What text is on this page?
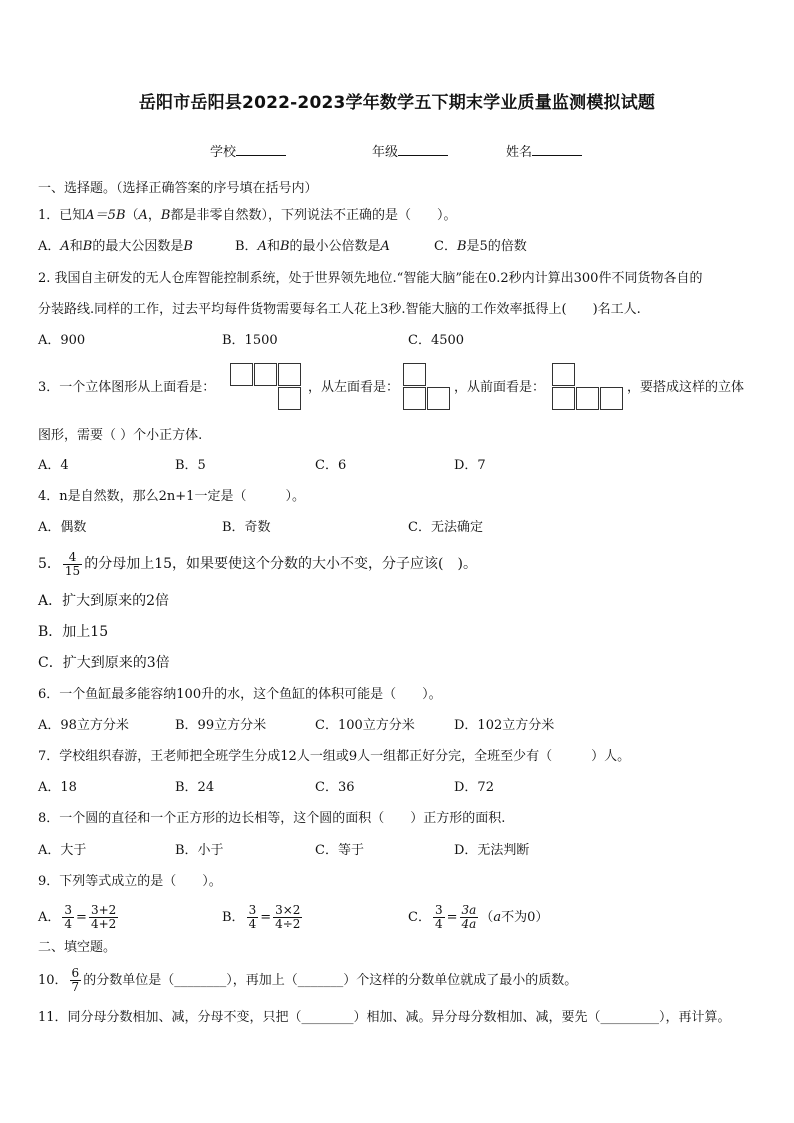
岳阳市岳阳县2022-2023学年数学五下期末学业质量监测模拟试题
学校	年级	姓名
一、选择题。（选择正确答案的序号填在括号内）
1．已知A＝5B（A，B都是非零自然数），下列说法不正确的是（　　）。
A．A和B的最大公因数是B	B．A和B的最小公倍数是A	C．B是5的倍数
2. 我国自主研发的无人仓库智能控制系统，处于世界领先地位.“智能大脑”能在0.2秒内计算出300件不同货物各自的
分装路线.同样的工作，过去平均每件货物需要每名工人花上3秒.智能大脑的工作效率抵得上(　　)名工人.
A．900	B．1500	C．4500
3．一个立体图形从上面看是：	，从左面看是：	，从前面看是：	，要搭成这样的立体
图形，需要（ ）个小正方体.
A．4	B．5	C．6	D．7
4．n是自然数，那么2n+1一定是（　　　）。
A．偶数	B．奇数	C．无法确定
5． $\frac{4}{15}$ 的分母加上15，如果要使这个分数的大小不变，分子应该(　)。
A．扩大到原来的2倍
B．加上15
C．扩大到原来的3倍
6．一个鱼缸最多能容纳100升的水，这个鱼缸的体积可能是（　　）。
A．98立方分米	B．99立方分米	C．100立方分米	D．102立方分米
7．学校组织春游，王老师把全班学生分成12人一组或9人一组都正好分完，全班至少有（　　　）人。
A．18	B．24	C．36	D．72
8．一个圆的直径和一个正方形的边长相等，这个圆的面积（　　）正方形的面积.
A．大于	B．小于	C．等于	D．无法判断
9．下列等式成立的是（　　）。
A． $\frac{3}{4} = \frac{3+2}{4+2}$	B． $\frac{3}{4} = \frac{3\times 2}{4\div 2}$	C． $\frac{3}{4} = \frac{3a}{4a} (a$不为0）
二、填空题。
10． $\frac{6}{7}$ 的分数单位是（________），再加上（_______）个这样的分数单位就成了最小的质数。
11．同分母分数相加、减，分母不变，只把（________）相加、减。异分母分数相加、减，要先（_________），再计算。
